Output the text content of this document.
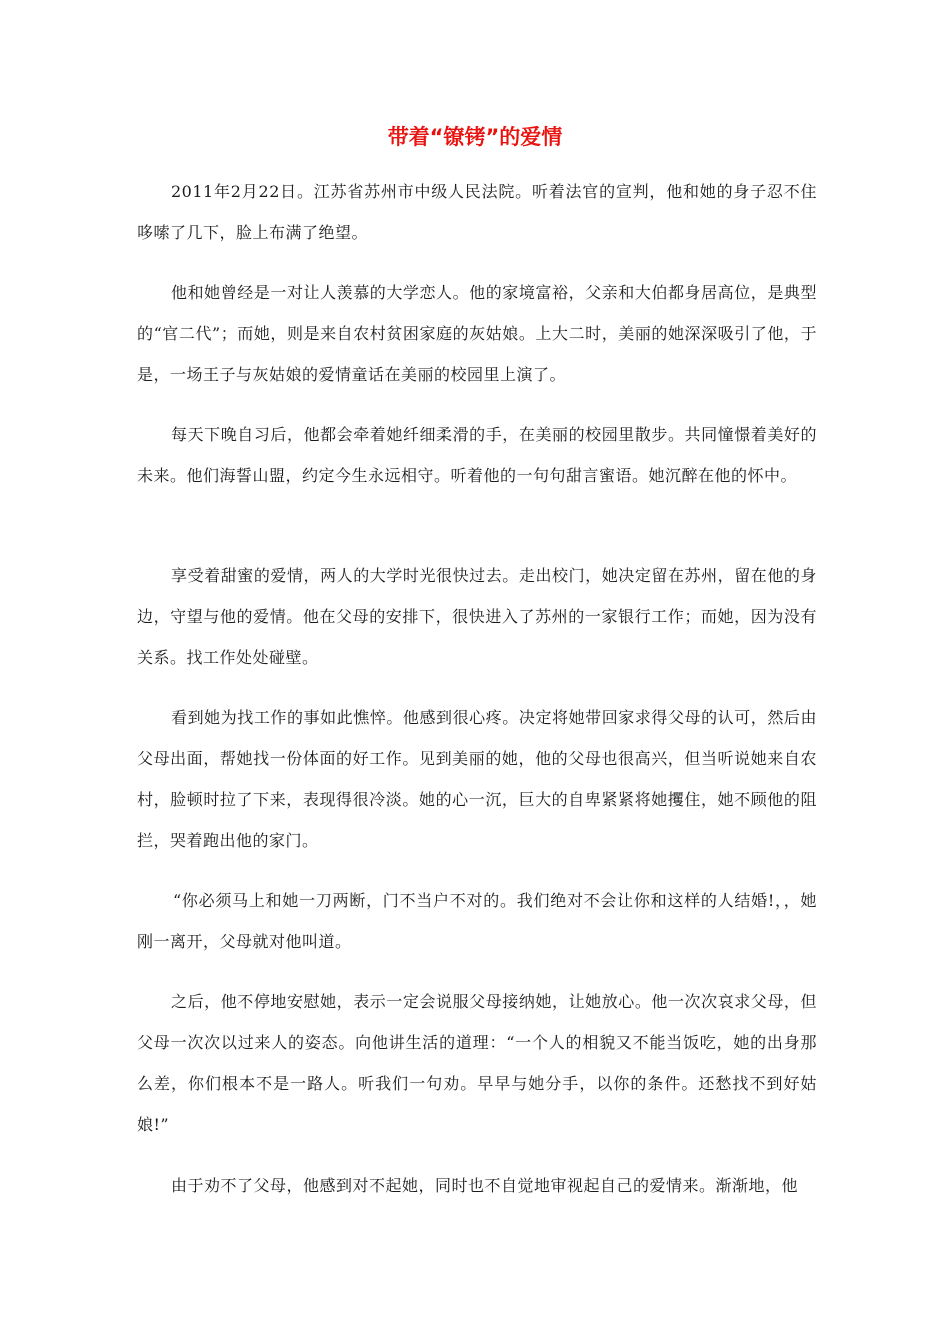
带着“镣铐”的爱情

2011年2月22日。江苏省苏州市中级人民法院。听着法官的宣判，他和她的身子忍不住哆嗦了几下，脸上布满了绝望。

他和她曾经是一对让人羡慕的大学恋人。他的家境富裕，父亲和大伯都身居高位，是典型的“官二代”；而她，则是来自农村贫困家庭的灰姑娘。上大二时，美丽的她深深吸引了他，于是，一场王子与灰姑娘的爱情童话在美丽的校园里上演了。

每天下晚自习后，他都会牵着她纤细柔滑的手，在美丽的校园里散步。共同憧憬着美好的未来。他们海誓山盟，约定今生永远相守。听着他的一句句甜言蜜语。她沉醉在他的怀中。

享受着甜蜜的爱情，两人的大学时光很快过去。走出校门，她决定留在苏州，留在他的身边，守望与他的爱情。他在父母的安排下，很快进入了苏州的一家银行工作；而她，因为没有关系。找工作处处碰壁。

看到她为找工作的事如此憔悴。他感到很心疼。决定将她带回家求得父母的认可，然后由父母出面，帮她找一份体面的好工作。见到美丽的她，他的父母也很高兴，但当听说她来自农村，脸顿时拉了下来，表现得很冷淡。她的心一沉，巨大的自卑紧紧将她攫住，她不顾他的阻拦，哭着跑出他的家门。

“你必须马上和她一刀两断，门不当户不对的。我们绝对不会让你和这样的人结婚!，，她刚一离开，父母就对他叫道。

之后，他不停地安慰她，表示一定会说服父母接纳她，让她放心。他一次次哀求父母，但父母一次次以过来人的姿态。向他讲生活的道理：“一个人的相貌又不能当饭吃，她的出身那么差，你们根本不是一路人。听我们一句劝。早早与她分手，以你的条件。还愁找不到好姑娘!”

由于劝不了父母，他感到对不起她，同时也不自觉地审视起自己的爱情来。渐渐地，他
